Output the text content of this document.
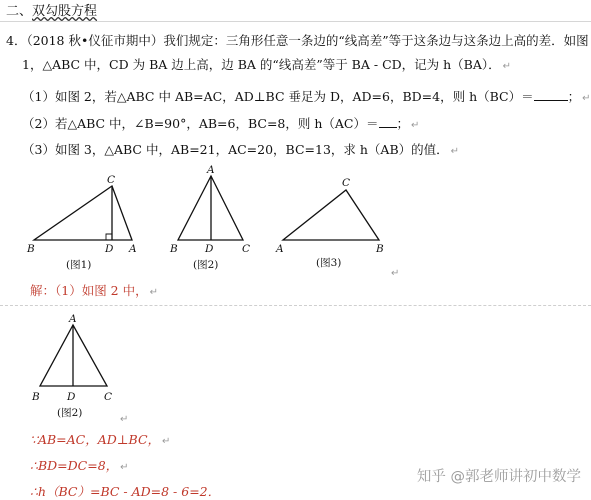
二、双勾股方程
4．（2018 秋•仪征市期中）我们规定：三角形任意一条边的“线高差”等于这条边与这条边上高的差．如图
1，△ABC 中，CD 为 BA 边上高，边 BA 的“线高差”等于 BA - CD，记为 h（BA）． ↵
（1）如图 2，若△ABC 中 AB=AC，AD⊥BC 垂足为 D，AD=6，BD=4，则 h（BC）＝	； ↵
（2）若△ABC 中，∠B=90°，AB=6，BC=8，则 h（AC）＝ ； ↵
（3）如图 3，△ABC 中，AB=21，AC=20，BC=13，求 h（AB）的值． ↵
C
B	D A
(图1)
A
B	D	C
(图2)
C
A	B
(图3)
A
B	D	C
(图2)
↵
解：（1）如图 2 中， ↵
↵
∵AB=AC，AD⊥BC， ↵
∴BD=DC=8， ↵
∴h（BC）=BC - AD=8 - 6=2．
知乎 @郭老师讲初中数学
